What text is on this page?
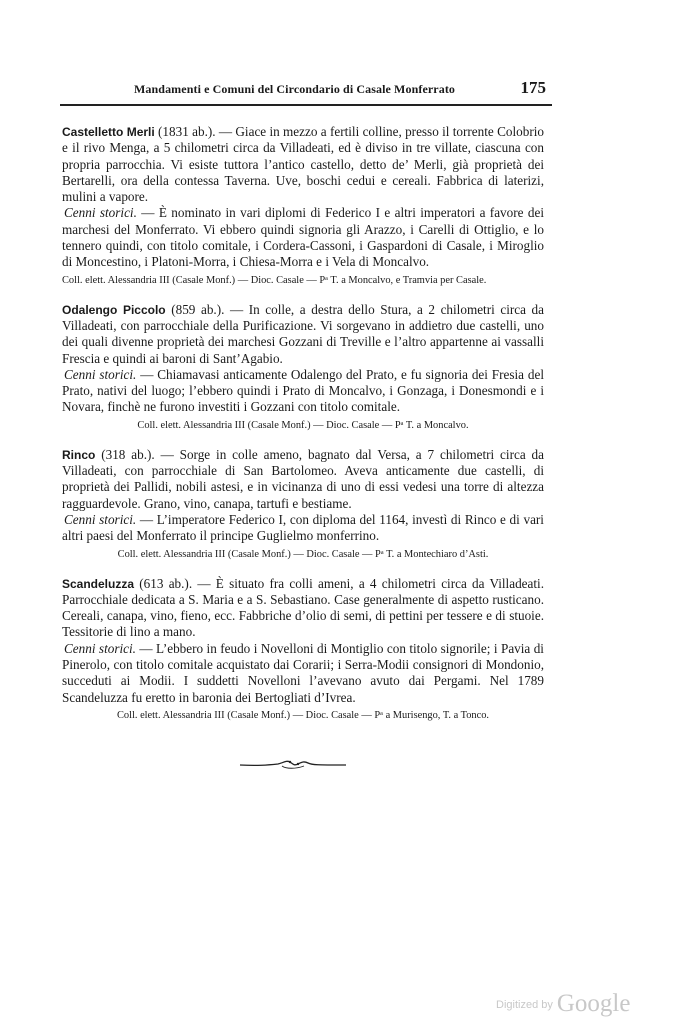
Mandamenti e Comuni del Circondario di Casale Monferrato	175

Castelletto Merli (1831 ab.). — Giace in mezzo a fertili colline, presso il torrente Colobrio e il rivo Menga, a 5 chilometri circa da Villadeati, ed è diviso in tre villate, ciascuna con propria parrocchia. Vi esiste tuttora l’antico castello, detto de’ Merli, già proprietà dei Bertarelli, ora della contessa Taverna. Uve, boschi cedui e cereali. Fabbrica di laterizi, mulini a vapore.

Cenni storici. — È nominato in vari diplomi di Federico I e altri imperatori a favore dei marchesi del Monferrato. Vi ebbero quindi signoria gli Arazzo, i Carelli di Ottiglio, e lo tennero quindi, con titolo comitale, i Cordera-Cassoni, i Gaspardoni di Casale, i Miroglio di Moncestino, i Platoni-Morra, i Chiesa-Morra e i Vela di Moncalvo.

Coll. elett. Alessandria III (Casale Monf.) — Dioc. Casale — Pᵃ T. a Moncalvo, e Tramvia per Casale.

Odalengo Piccolo (859 ab.). — In colle, a destra dello Stura, a 2 chilometri circa da Villadeati, con parrocchiale della Purificazione. Vi sorgevano in addietro due castelli, uno dei quali divenne proprietà dei marchesi Gozzani di Treville e l’altro appartenne ai vassalli Frescia e quindi ai baroni di Sant’Agabio.

Cenni storici. — Chiamavasi anticamente Odalengo del Prato, e fu signoria dei Fresia del Prato, nativi del luogo; l’ebbero quindi i Prato di Moncalvo, i Gonzaga, i Donesmondi e i Novara, finchè ne furono investiti i Gozzani con titolo comitale.

Coll. elett. Alessandria III (Casale Monf.) — Dioc. Casale — Pᵃ T. a Moncalvo.

Rinco (318 ab.). — Sorge in colle ameno, bagnato dal Versa, a 7 chilometri circa da Villadeati, con parrocchiale di San Bartolomeo. Aveva anticamente due castelli, di proprietà dei Pallidi, nobili astesi, e in vicinanza di uno di essi vedesi una torre di altezza ragguardevole. Grano, vino, canapa, tartufi e bestiame.

Cenni storici. — L’imperatore Federico I, con diploma del 1164, investì di Rinco e di vari altri paesi del Monferrato il principe Guglielmo monferrino.

Coll. elett. Alessandria III (Casale Monf.) — Dioc. Casale — Pᵃ T. a Montechiaro d’Asti.

Scandeluzza (613 ab.). — È situato fra colli ameni, a 4 chilometri circa da Villadeati. Parrocchiale dedicata a S. Maria e a S. Sebastiano. Case generalmente di aspetto rusticano. Cereali, canapa, vino, fieno, ecc. Fabbriche d’olio di semi, di pettini per tessere e di stuoie. Tessitorie di lino a mano.

Cenni storici. — L’ebbero in feudo i Novelloni di Montiglio con titolo signorile; i Pavia di Pinerolo, con titolo comitale acquistato dai Corarii; i Serra-Modii consignori di Mondonio, succeduti ai Modii. I suddetti Novelloni l’avevano avuto dai Pergami. Nel 1789 Scandeluzza fu eretto in baronia dei Bertogliati d’Ivrea.

Coll. elett. Alessandria III (Casale Monf.) — Dioc. Casale — Pᵃ a Murisengo, T. a Tonco.
Digitized by Google
